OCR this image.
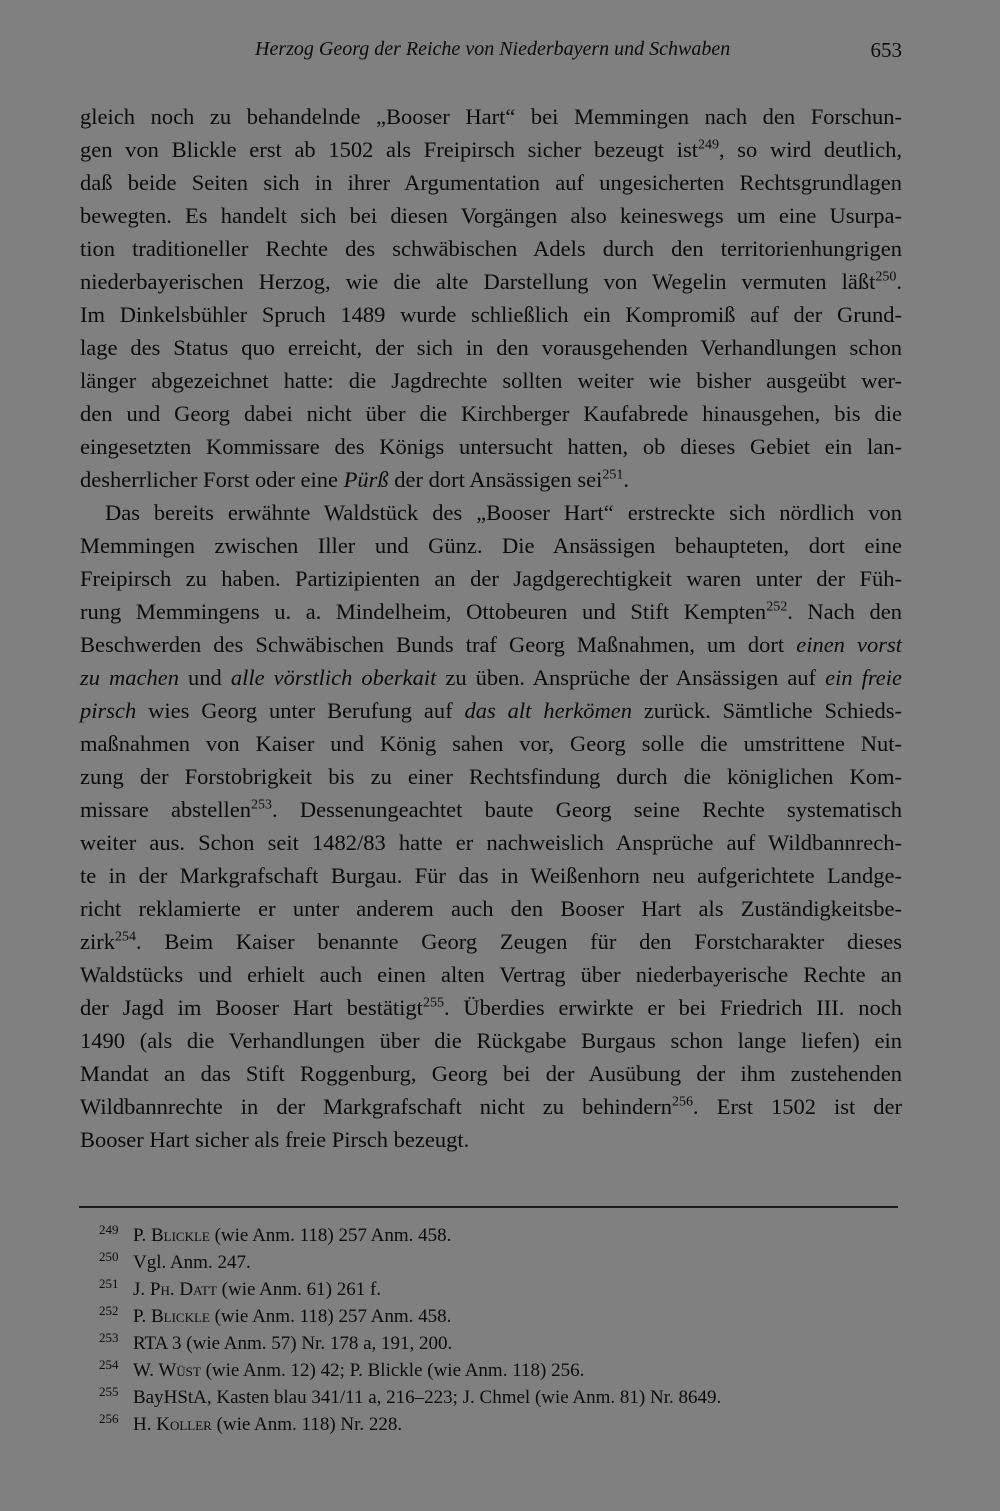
Herzog Georg der Reiche von Niederbayern und Schwaben	653
gleich noch zu behandelnde „Booser Hart“ bei Memmingen nach den Forschun-
gen von Blickle erst ab 1502 als Freipirsch sicher bezeugt ist$^{249}$, so wird deutlich,
daß beide Seiten sich in ihrer Argumentation auf ungesicherten Rechtsgrundlagen
bewegten. Es handelt sich bei diesen Vorgängen also keineswegs um eine Usurpa-
tion traditioneller Rechte des schwäbischen Adels durch den territorienhungrigen
niederbayerischen Herzog, wie die alte Darstellung von Wegelin vermuten läßt$^{250}$.
Im Dinkelsbühler Spruch 1489 wurde schließlich ein Kompromiß auf der Grund-
lage des Status quo erreicht, der sich in den vorausgehenden Verhandlungen schon
länger abgezeichnet hatte: die Jagdrechte sollten weiter wie bisher ausgeübt wer-
den und Georg dabei nicht über die Kirchberger Kaufabrede hinausgehen, bis die
eingesetzten Kommissare des Königs untersucht hatten, ob dieses Gebiet ein lan-
desherrlicher Forst oder eine Pürß der dort Ansässigen sei$^{251}$.
Das bereits erwähnte Waldstück des „Booser Hart“ erstreckte sich nördlich von
Memmingen zwischen Iller und Günz. Die Ansässigen behaupteten, dort eine
Freipirsch zu haben. Partizipienten an der Jagdgerechtigkeit waren unter der Füh-
rung Memmingens u. a. Mindelheim, Ottobeuren und Stift Kempten$^{252}$. Nach den
Beschwerden des Schwäbischen Bunds traf Georg Maßnahmen, um dort einen vorst
zu machen und alle vörstlich oberkait zu üben. Ansprüche der Ansässigen auf ein freie
pirsch wies Georg unter Berufung auf das alt herkömen zurück. Sämtliche Schieds-
maßnahmen von Kaiser und König sahen vor, Georg solle die umstrittene Nut-
zung der Forstobrigkeit bis zu einer Rechtsfindung durch die königlichen Kom-
missare abstellen$^{253}$. Dessenungeachtet baute Georg seine Rechte systematisch
weiter aus. Schon seit 1482/83 hatte er nachweislich Ansprüche auf Wildbannrech-
te in der Markgrafschaft Burgau. Für das in Weißenhorn neu aufgerichtete Landge-
richt reklamierte er unter anderem auch den Booser Hart als Zuständigkeitsbe-
zirk$^{254}$. Beim Kaiser benannte Georg Zeugen für den Forstcharakter dieses
Waldstücks und erhielt auch einen alten Vertrag über niederbayerische Rechte an
der Jagd im Booser Hart bestätigt$^{255}$. Überdies erwirkte er bei Friedrich III. noch
1490 (als die Verhandlungen über die Rückgabe Burgaus schon lange liefen) ein
Mandat an das Stift Roggenburg, Georg bei der Ausübung der ihm zustehenden
Wildbannrechte in der Markgrafschaft nicht zu behindern$^{256}$. Erst 1502 ist der
Booser Hart sicher als freie Pirsch bezeugt.
249 P. Blickle (wie Anm. 118) 257 Anm. 458.
250 Vgl. Anm. 247.
251 J. Ph. Datt (wie Anm. 61) 261 f.
252 P. Blickle (wie Anm. 118) 257 Anm. 458.
253 RTA 3 (wie Anm. 57) Nr. 178 a, 191, 200.
254 W. Wüst (wie Anm. 12) 42; P. Blickle (wie Anm. 118) 256.
255 BayHStA, Kasten blau 341/11 a, 216–223; J. Chmel (wie Anm. 81) Nr. 8649.
256 H. Koller (wie Anm. 118) Nr. 228.
